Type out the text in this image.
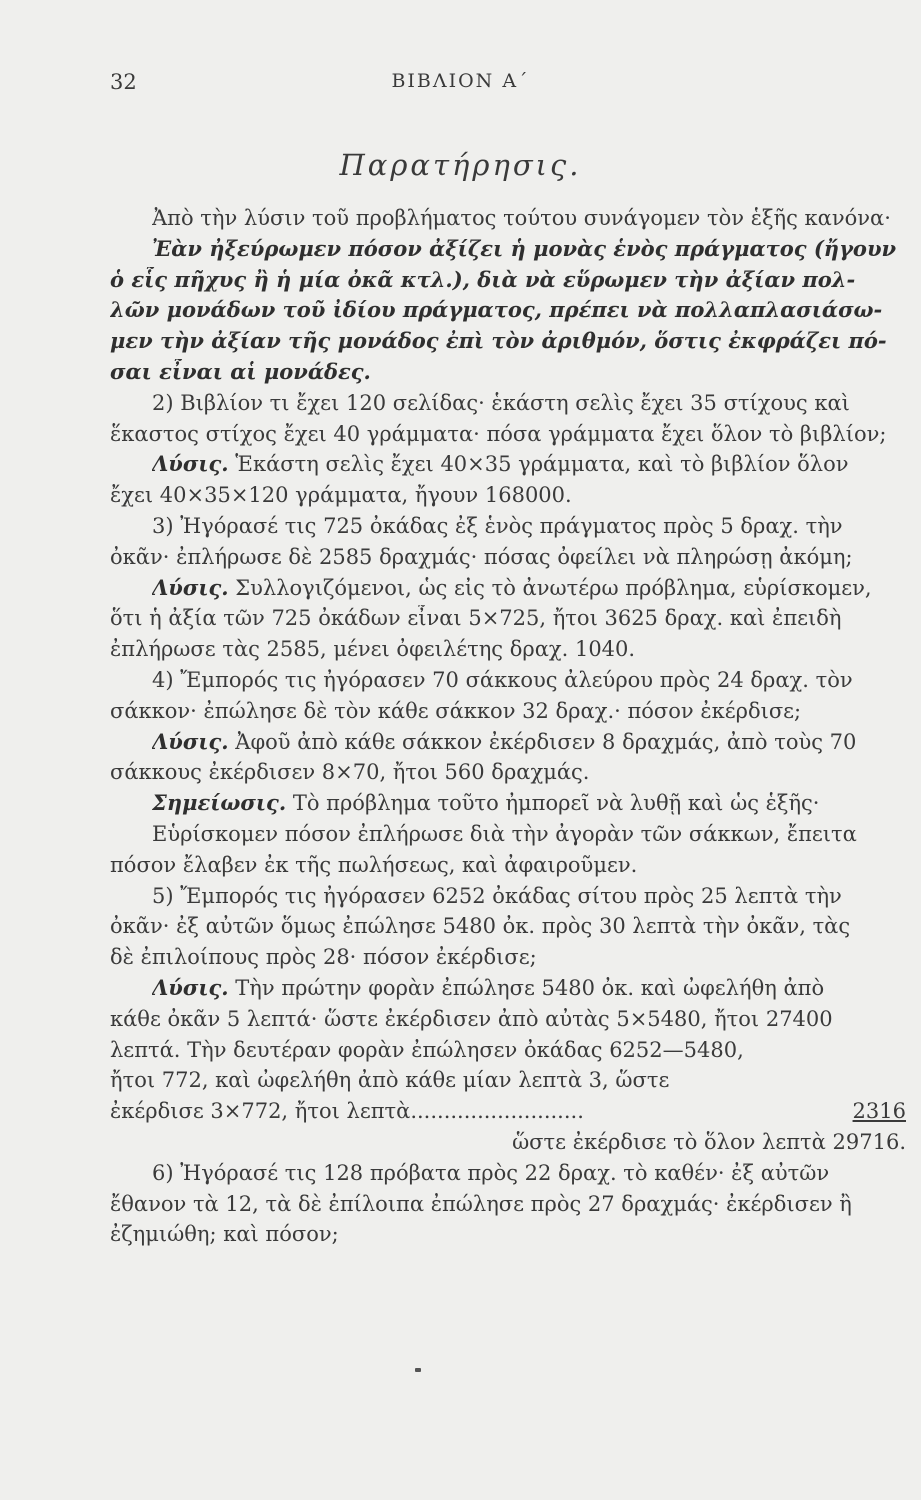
32	ΒΙΒΛΙΟΝ Α΄
Παρατήρησις.
Ἀπὸ τὴν λύσιν τοῦ προβλήματος τούτου συνάγομεν τὸν ἑξῆς κανόνα·
Ἐὰν ἠξεύρωμεν πόσον ἀξίζει ἡ μονὰς ἑνὸς πράγματος (ἤγουν
ὁ εἷς πῆχυς ἢ ἡ μία ὀκᾶ κτλ.), διὰ νὰ εὕρωμεν τὴν ἀξίαν πολ-
λῶν μονάδων τοῦ ἰδίου πράγματος, πρέπει νὰ πολλαπλασιάσω-
μεν τὴν ἀξίαν τῆς μονάδος ἐπὶ τὸν ἀριθμόν, ὅστις ἐκφράζει πό-
σαι εἶναι αἱ μονάδες.
2) Βιβλίον τι ἔχει 120 σελίδας· ἑκάστη σελὶς ἔχει 35 στίχους καὶ
ἕκαστος στίχος ἔχει 40 γράμματα· πόσα γράμματα ἔχει ὅλον τὸ βιβλίον;
Λύσις. Ἑκάστη σελὶς ἔχει 40×35 γράμματα, καὶ τὸ βιβλίον ὅλον
ἔχει 40×35×120 γράμματα, ἤγουν 168000.
3) Ἠγόρασέ τις 725 ὀκάδας ἐξ ἑνὸς πράγματος πρὸς 5 δραχ. τὴν
ὀκᾶν· ἐπλήρωσε δὲ 2585 δραχμάς· πόσας ὀφείλει νὰ πληρώσῃ ἀκόμη;
Λύσις. Συλλογιζόμενοι, ὡς εἰς τὸ ἀνωτέρω πρόβλημα, εὑρίσκομεν,
ὅτι ἡ ἀξία τῶν 725 ὀκάδων εἶναι 5×725, ἤτοι 3625 δραχ. καὶ ἐπειδὴ
ἐπλήρωσε τὰς 2585, μένει ὀφειλέτης δραχ. 1040.
4) Ἔμπορός τις ἠγόρασεν 70 σάκκους ἀλεύρου πρὸς 24 δραχ. τὸν
σάκκον· ἐπώλησε δὲ τὸν κάθε σάκκον 32 δραχ.· πόσον ἐκέρδισε;
Λύσις. Ἀφοῦ ἀπὸ κάθε σάκκον ἐκέρδισεν 8 δραχμάς, ἀπὸ τοὺς 70
σάκκους ἐκέρδισεν 8×70, ἤτοι 560 δραχμάς.
Σημείωσις. Τὸ πρόβλημα τοῦτο ἠμπορεῖ νὰ λυθῇ καὶ ὡς ἑξῆς·
Εὑρίσκομεν πόσον ἐπλήρωσε διὰ τὴν ἀγορὰν τῶν σάκκων, ἔπειτα
πόσον ἔλαβεν ἐκ τῆς πωλήσεως, καὶ ἀφαιροῦμεν.
5) Ἔμπορός τις ἠγόρασεν 6252 ὀκάδας σίτου πρὸς 25 λεπτὰ τὴν
ὀκᾶν· ἐξ αὐτῶν ὅμως ἐπώλησε 5480 ὀκ. πρὸς 30 λεπτὰ τὴν ὀκᾶν, τὰς
δὲ ἐπιλοίπους πρὸς 28· πόσον ἐκέρδισε;
Λύσις. Τὴν πρώτην φορὰν ἐπώλησε 5480 ὀκ. καὶ ὠφελήθη ἀπὸ
κάθε ὀκᾶν 5 λεπτά· ὥστε ἐκέρδισεν ἀπὸ αὐτὰς 5×5480, ἤτοι 27400
λεπτά. Τὴν δευτέραν φορὰν ἐπώλησεν ὀκάδας 6252—5480,
ἤτοι 772, καὶ ὠφελήθη ἀπὸ κάθε μίαν λεπτὰ 3, ὥστε
ἐκέρδισε 3×772, ἤτοι λεπτὰ..........................	2316
ὥστε ἐκέρδισε τὸ ὅλον λεπτὰ 29716.
6) Ἠγόρασέ τις 128 πρόβατα πρὸς 22 δραχ. τὸ καθέν· ἐξ αὐτῶν
ἔθανον τὰ 12, τὰ δὲ ἐπίλοιπα ἐπώλησε πρὸς 27 δραχμάς· ἐκέρδισεν ἢ
ἐζημιώθη; καὶ πόσον;
